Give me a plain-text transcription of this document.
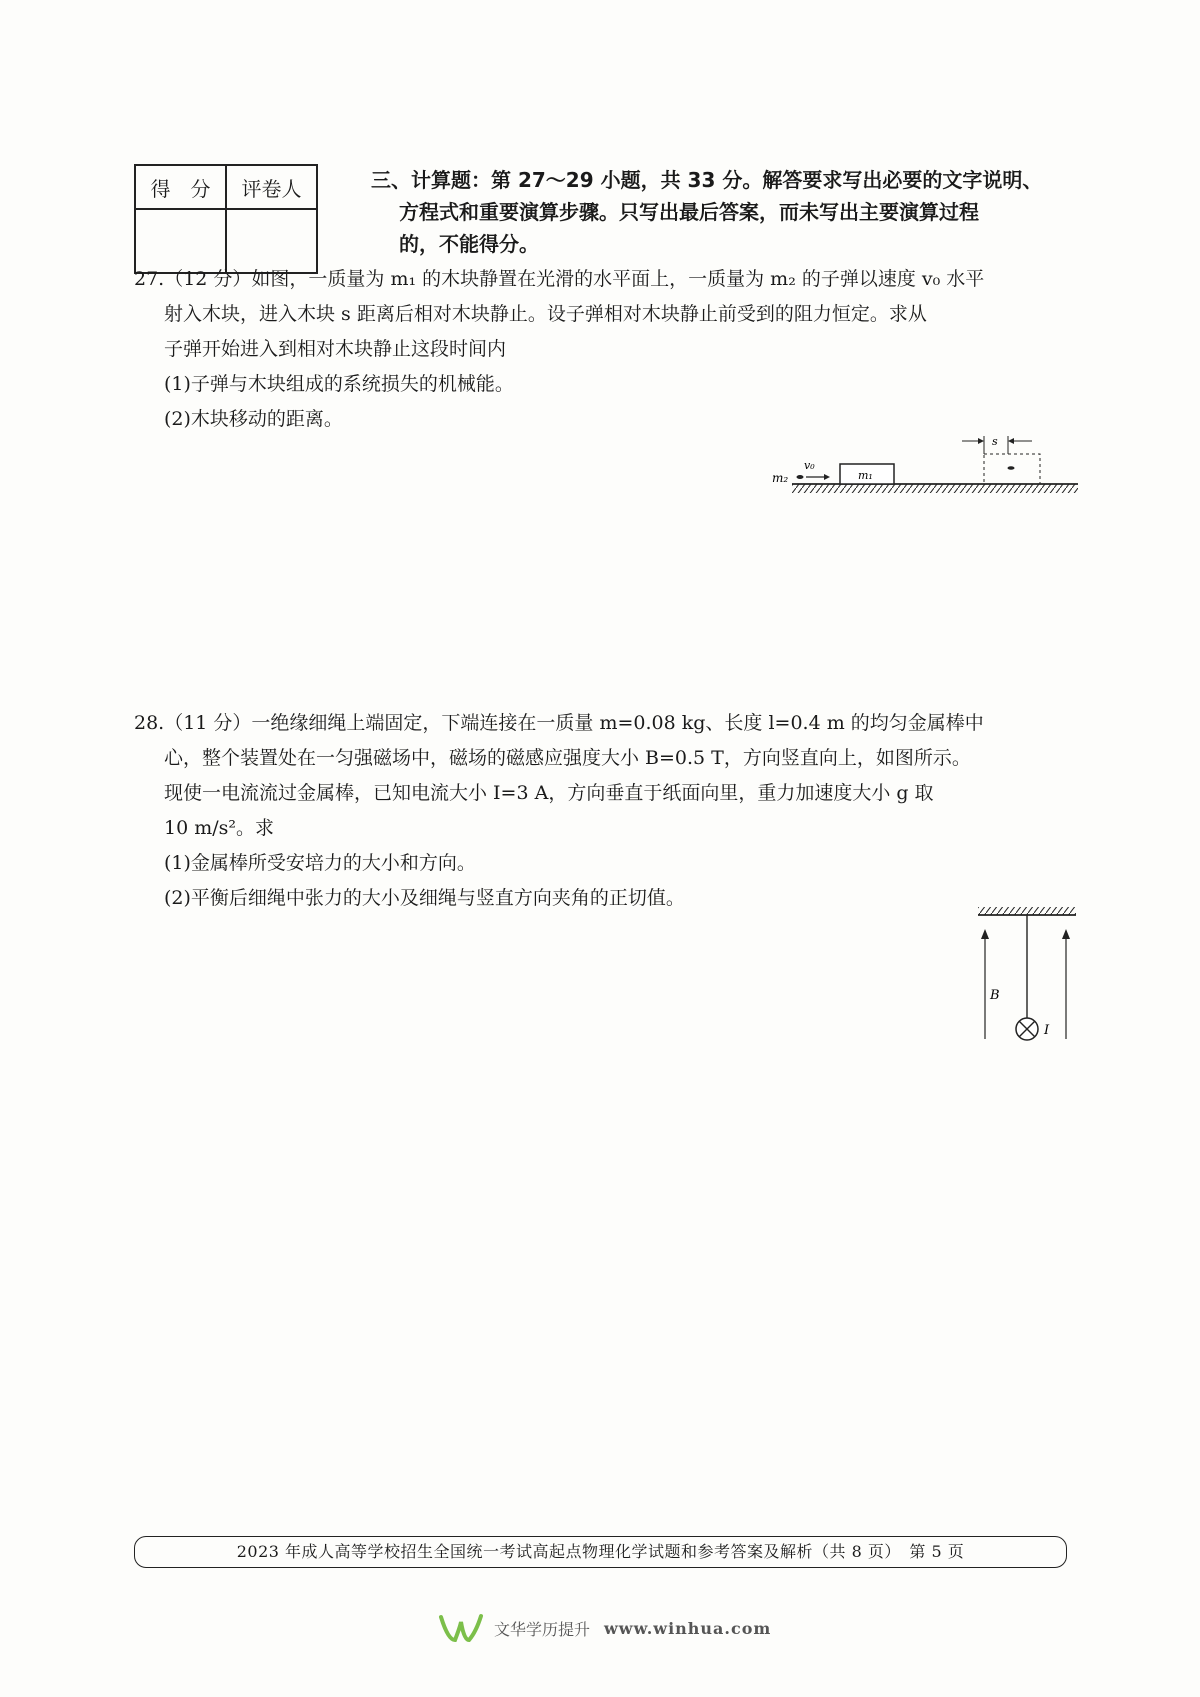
得　分	评卷人
		三、计算题：第 27～29 小题，共 33 分。解答要求写出必要的文字说明、
方程式和重要演算步骤。只写出最后答案，而未写出主要演算过程
的，不能得分。

27.（12 分）如图，一质量为 m₁ 的木块静置在光滑的水平面上，一质量为 m₂ 的子弹以速度 v₀ 水平

射入木块，进入木块 s 距离后相对木块静止。设子弹相对木块静止前受到的阻力恒定。求从

子弹开始进入到相对木块静止这段时间内

(1)子弹与木块组成的系统损失的机械能。

(2)木块移动的距离。

m₂
v₀
m₁
s

28.（11 分）一绝缘细绳上端固定，下端连接在一质量 m=0.08 kg、长度 l=0.4 m 的均匀金属棒中

心，整个装置处在一匀强磁场中，磁场的磁感应强度大小 B=0.5 T，方向竖直向上，如图所示。

现使一电流流过金属棒，已知电流大小 I=3 A，方向垂直于纸面向里，重力加速度大小 g 取

10 m/s²。求

(1)金属棒所受安培力的大小和方向。

(2)平衡后细绳中张力的大小及细绳与竖直方向夹角的正切值。

B
I
2023 年成人高等学校招生全国统一考试高起点物理化学试题和参考答案及解析（共 8 页）　第 5 页
文华学历提升 www.winhua.com
